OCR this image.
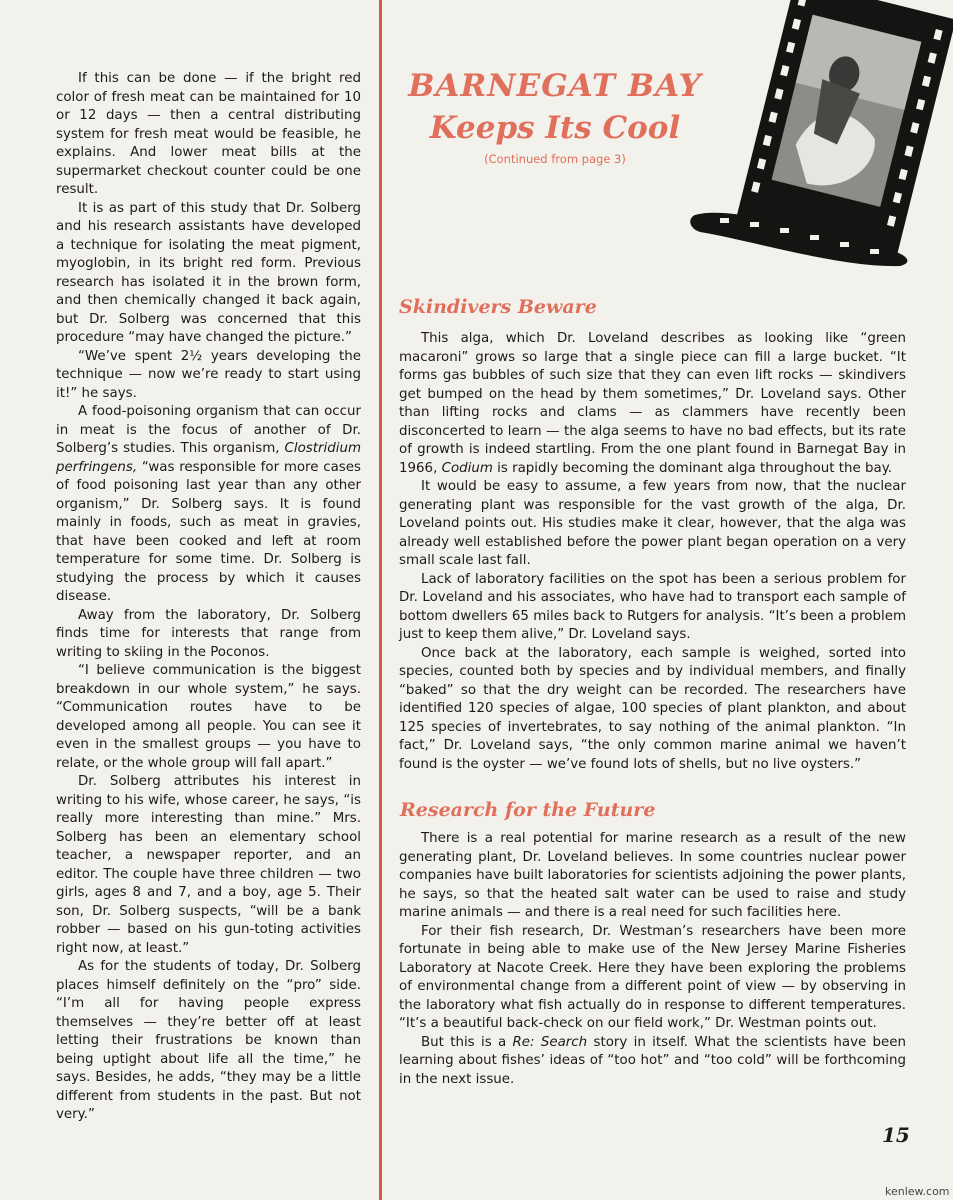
BARNEGAT BAY
Keeps Its Cool
(Continued from page 3)

If this can be done — if the bright red color of fresh meat can be maintained for 10 or 12 days — then a central distributing system for fresh meat would be feasible, he explains. And lower meat bills at the supermarket checkout counter could be one result.

It is as part of this study that Dr. Solberg and his research assistants have developed a technique for isolating the meat pigment, myoglobin, in its bright red form. Previous research has isolated it in the brown form, and then chemically changed it back again, but Dr. Solberg was concerned that this procedure “may have changed the picture.”

“We’ve spent 2½ years developing the technique — now we’re ready to start using it!” he says.

A food-poisoning organism that can occur in meat is the focus of another of Dr. Solberg’s studies. This organism, Clostridium perfringens, “was responsible for more cases of food poisoning last year than any other organism,” Dr. Solberg says. It is found mainly in foods, such as meat in gravies, that have been cooked and left at room temperature for some time. Dr. Solberg is studying the process by which it causes disease.

Away from the laboratory, Dr. Solberg finds time for interests that range from writing to skiing in the Poconos.

“I believe communication is the biggest breakdown in our whole system,” he says. “Communication routes have to be developed among all people. You can see it even in the smallest groups — you have to relate, or the whole group will fall apart.”

Dr. Solberg attributes his interest in writing to his wife, whose career, he says, “is really more interesting than mine.” Mrs. Solberg has been an elementary school teacher, a newspaper reporter, and an editor. The couple have three children — two girls, ages 8 and 7, and a boy, age 5. Their son, Dr. Solberg suspects, “will be a bank robber — based on his gun-toting activities right now, at least.”

As for the students of today, Dr. Solberg places himself definitely on the “pro” side. “I’m all for having people express themselves — they’re better off at least letting their frustrations be known than being uptight about life all the time,” he says. Besides, he adds, “they may be a little different from students in the past. But not very.”

Skindivers Beware

This alga, which Dr. Loveland describes as looking like “green macaroni” grows so large that a single piece can fill a large bucket. “It forms gas bubbles of such size that they can even lift rocks — skindivers get bumped on the head by them sometimes,” Dr. Loveland says. Other than lifting rocks and clams — as clammers have recently been disconcerted to learn — the alga seems to have no bad effects, but its rate of growth is indeed startling. From the one plant found in Barnegat Bay in 1966, Codium is rapidly becoming the dominant alga throughout the bay.

It would be easy to assume, a few years from now, that the nuclear generating plant was responsible for the vast growth of the alga, Dr. Loveland points out. His studies make it clear, however, that the alga was already well established before the power plant began operation on a very small scale last fall.

Lack of laboratory facilities on the spot has been a serious problem for Dr. Loveland and his associates, who have had to transport each sample of bottom dwellers 65 miles back to Rutgers for analysis. “It’s been a problem just to keep them alive,” Dr. Loveland says.

Once back at the laboratory, each sample is weighed, sorted into species, counted both by species and by individual members, and finally “baked” so that the dry weight can be recorded. The researchers have identified 120 species of algae, 100 species of plant plankton, and about 125 species of invertebrates, to say nothing of the animal plankton. “In fact,” Dr. Loveland says, “the only common marine animal we haven’t found is the oyster — we’ve found lots of shells, but no live oysters.”

Research for the Future

There is a real potential for marine research as a result of the new generating plant, Dr. Loveland believes. In some countries nuclear power companies have built laboratories for scientists adjoining the power plants, he says, so that the heated salt water can be used to raise and study marine animals — and there is a real need for such facilities here.

For their fish research, Dr. Westman’s researchers have been more fortunate in being able to make use of the New Jersey Marine Fisheries Laboratory at Nacote Creek. Here they have been exploring the problems of environmental change from a different point of view — by observing in the laboratory what fish actually do in response to different temperatures. “It’s a beautiful back-check on our field work,” Dr. Westman points out.

But this is a Re: Search story in itself. What the scientists have been learning about fishes’ ideas of “too hot” and “too cold” will be forthcoming in the next issue.

15
kenlew.com
